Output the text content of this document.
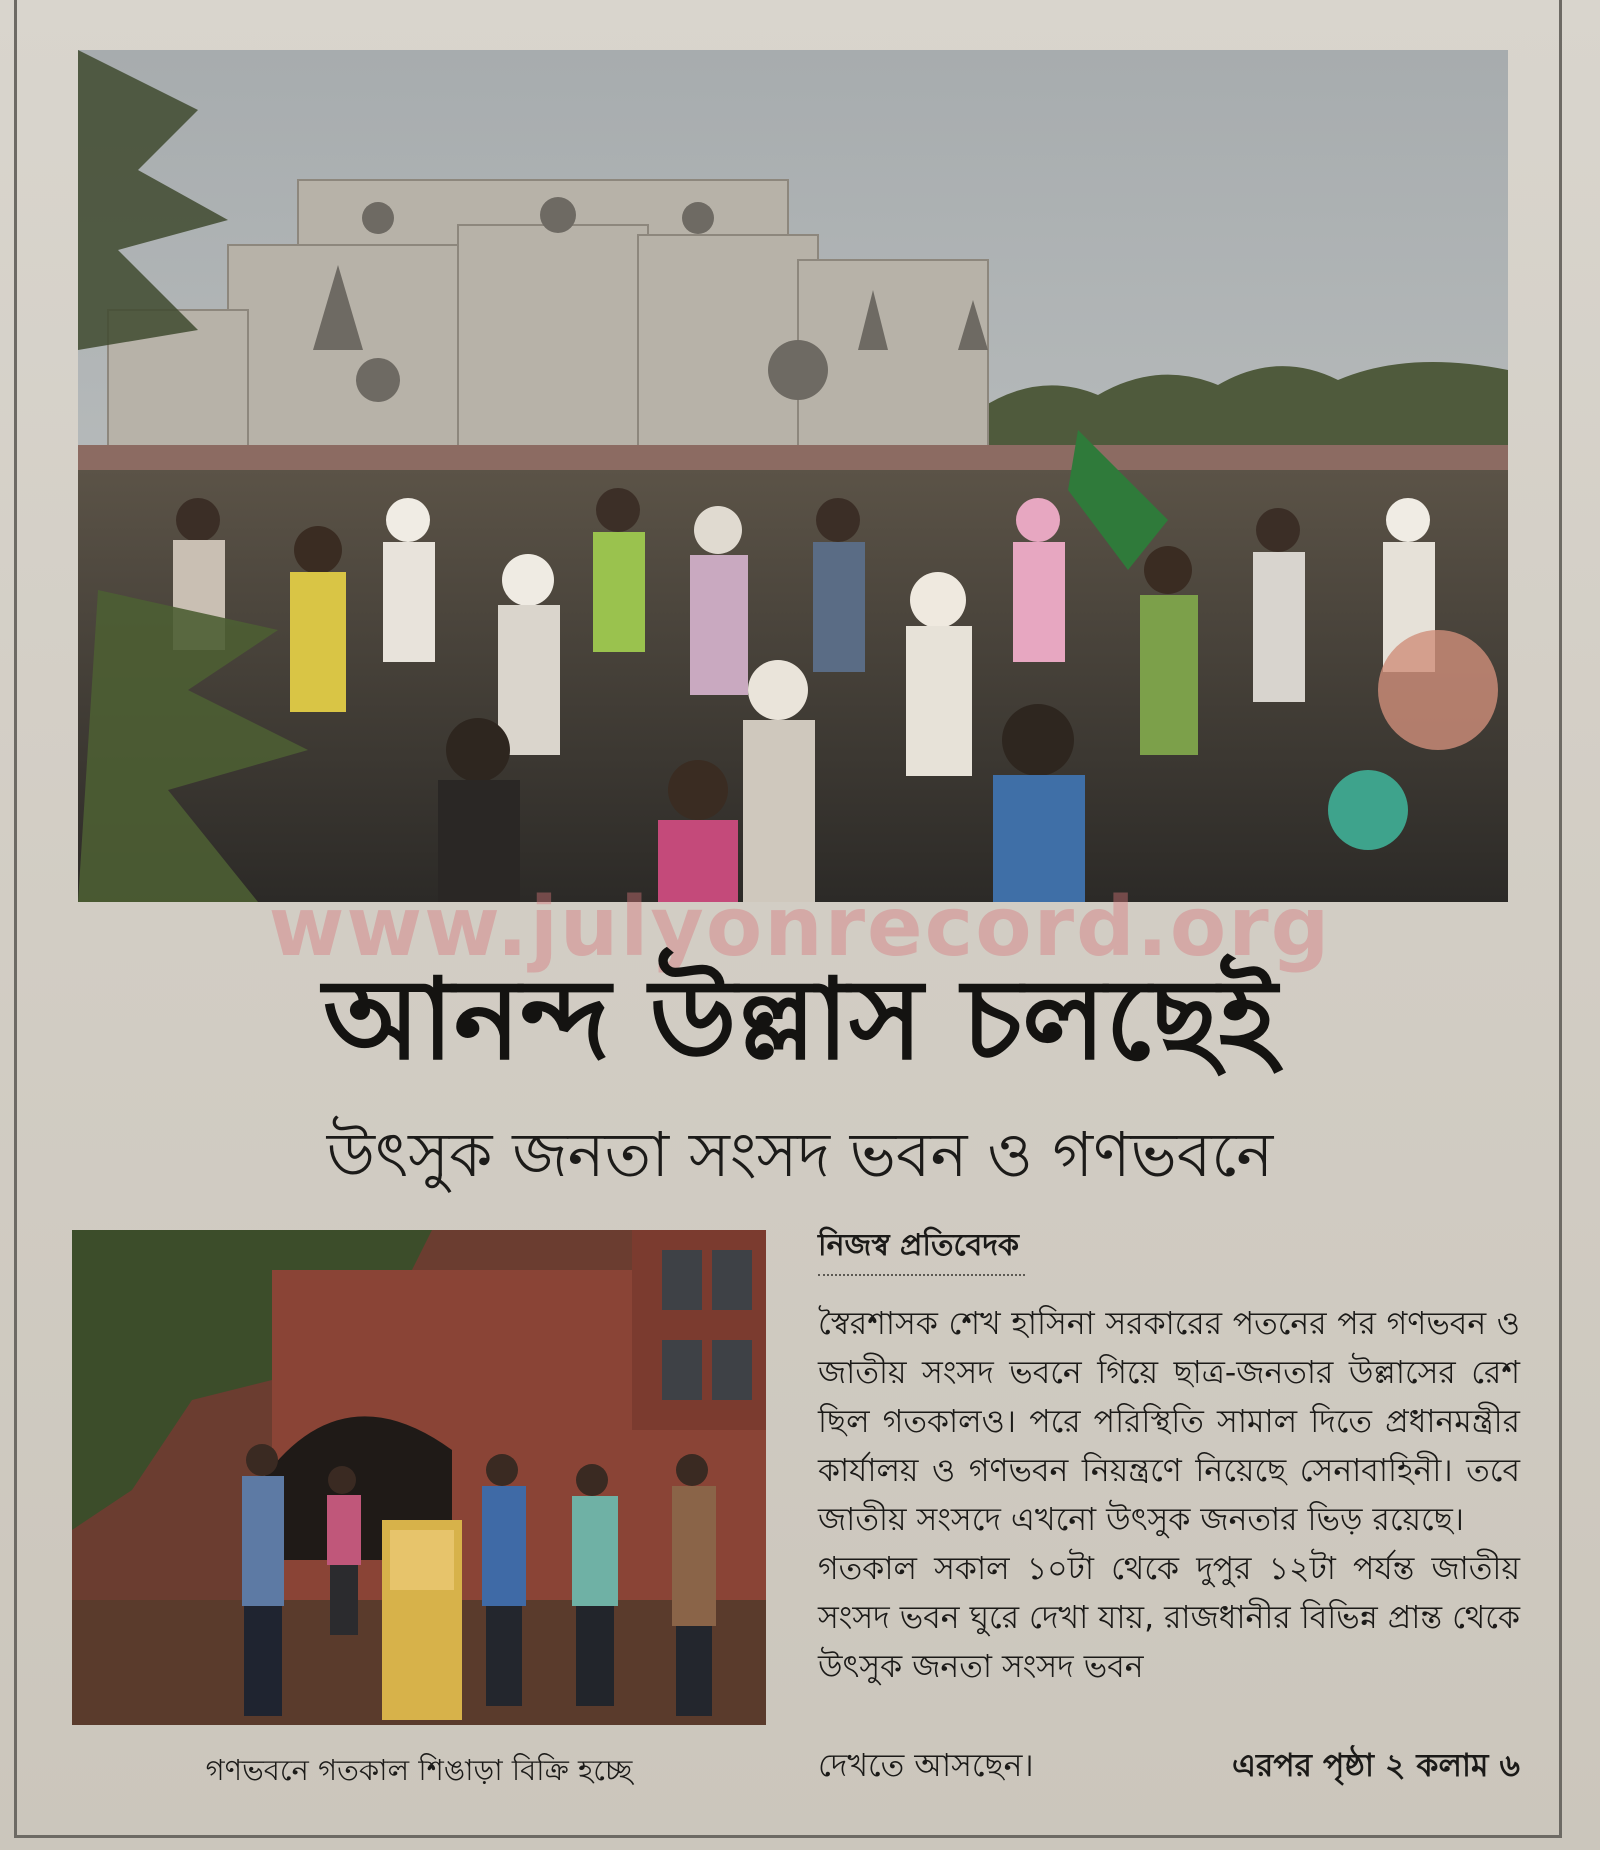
www.julyonrecord.org
আনন্দ উল্লাস চলছেই
উৎসুক জনতা সংসদ ভবন ও গণভবনে
গণভবনে গতকাল শিঙাড়া বিক্রি হচ্ছে
নিজস্ব প্রতিবেদক

স্বৈরশাসক শেখ হাসিনা সরকারের পতনের পর গণভবন ও জাতীয় সংসদ ভবনে গিয়ে ছাত্র-জনতার উল্লাসের রেশ ছিল গতকালও। পরে পরিস্থিতি সামাল দিতে প্রধানমন্ত্রীর কার্যালয় ও গণভবন নিয়ন্ত্রণে নিয়েছে সেনাবাহিনী। তবে জাতীয় সংসদে এখনো উৎসুক জনতার ভিড় রয়েছে।

গতকাল সকাল ১০টা থেকে দুপুর ১২টা পর্যন্ত জাতীয় সংসদ ভবন ঘুরে দেখা যায়, রাজধানীর বিভিন্ন প্রান্ত থেকে উৎসুক জনতা সংসদ ভবন

দেখতে আসছেন।	এরপর পৃষ্ঠা ২ কলাম ৬
